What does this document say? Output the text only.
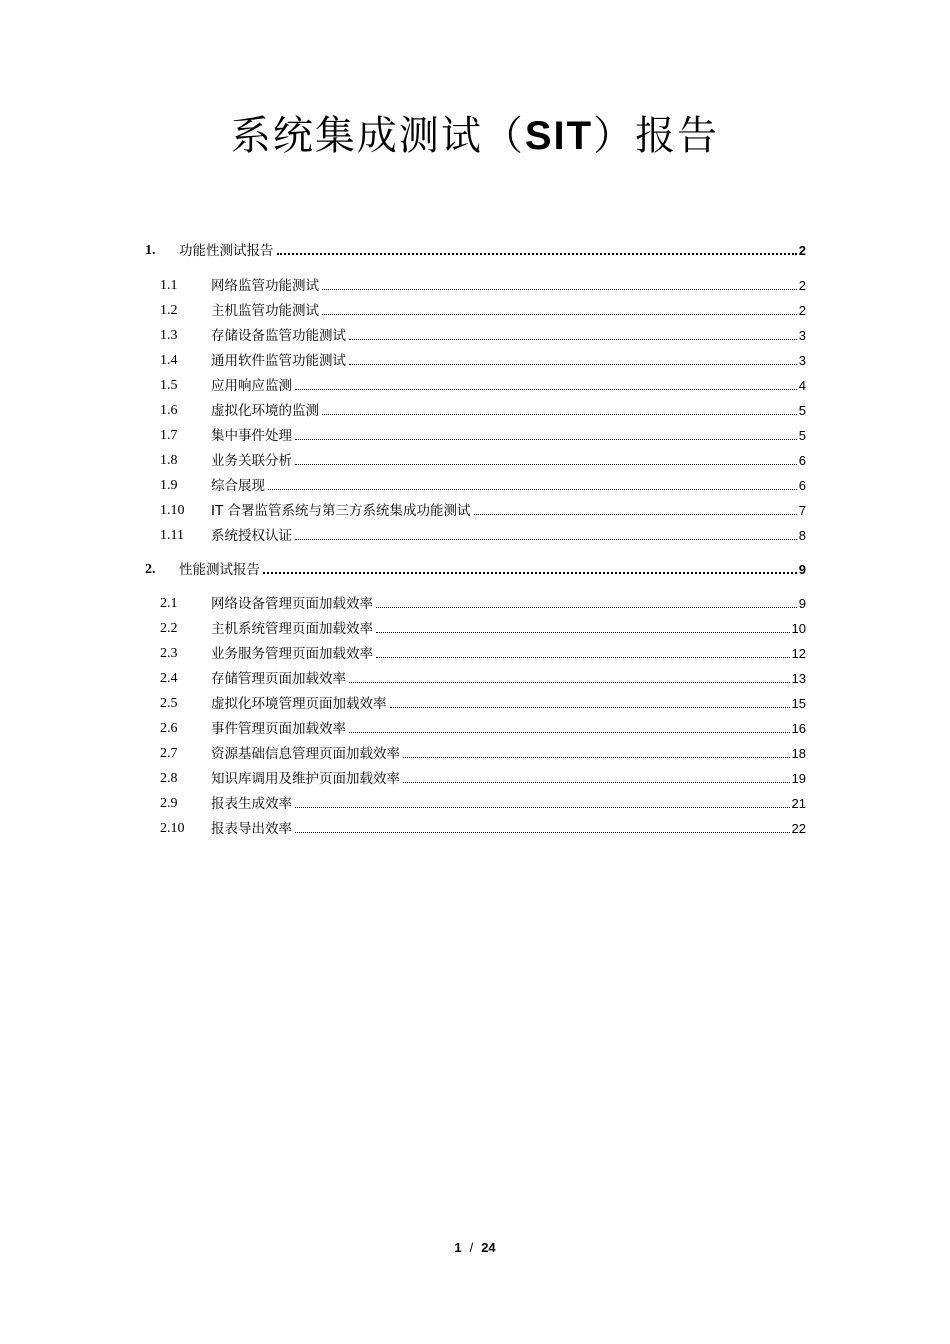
系统集成测试（SIT）报告
1.	功能性测试报告	2
1.1	网络监管功能测试	2
1.2	主机监管功能测试	2
1.3	存储设备监管功能测试	3
1.4	通用软件监管功能测试	3
1.5	应用响应监测	4
1.6	虚拟化环境的监测	5
1.7	集中事件处理	5
1.8	业务关联分析	6
1.9	综合展现	6
1.10	IT 合署监管系统与第三方系统集成功能测试	7
1.11	系统授权认证	8
2.	性能测试报告	9
2.1	网络设备管理页面加载效率	9
2.2	主机系统管理页面加载效率	10
2.3	业务服务管理页面加载效率	12
2.4	存储管理页面加载效率	13
2.5	虚拟化环境管理页面加载效率	15
2.6	事件管理页面加载效率	16
2.7	资源基础信息管理页面加载效率	18
2.8	知识库调用及维护页面加载效率	19
2.9	报表生成效率	21
2.10	报表导出效率	22
1 / 24
